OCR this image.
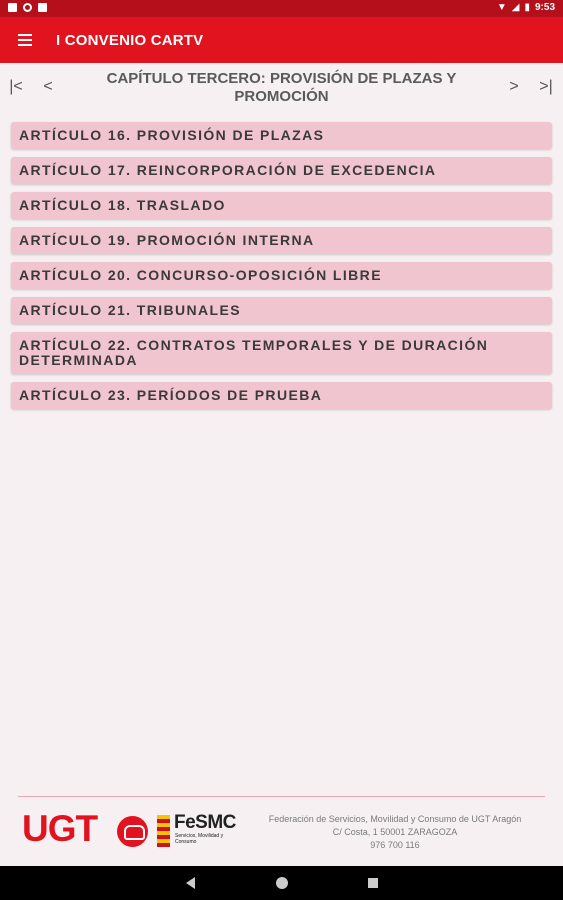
▼ ◢ ▮ 9:53
I CONVENIO CARTV
|<	<	CAPÍTULO TERCERO: PROVISIÓN DE PLAZAS Y PROMOCIÓN
>	>|
ARTÍCULO 16. PROVISIÓN DE PLAZAS
ARTÍCULO 17. REINCORPORACIÓN DE EXCEDENCIA
ARTÍCULO 18. TRASLADO
ARTÍCULO 19. PROMOCIÓN INTERNA
ARTÍCULO 20. CONCURSO-OPOSICIÓN LIBRE
ARTÍCULO 21. TRIBUNALES
ARTÍCULO 22. CONTRATOS TEMPORALES Y DE DURACIÓN DETERMINADA
ARTÍCULO 23. PERÍODOS DE PRUEBA
UGT	FeSMC
Servicios, Movilidad y Consumo
Federación de Servicios, Movilidad y Consumo de UGT Aragón
C/ Costa, 1 50001 ZARAGOZA
976 700 116
